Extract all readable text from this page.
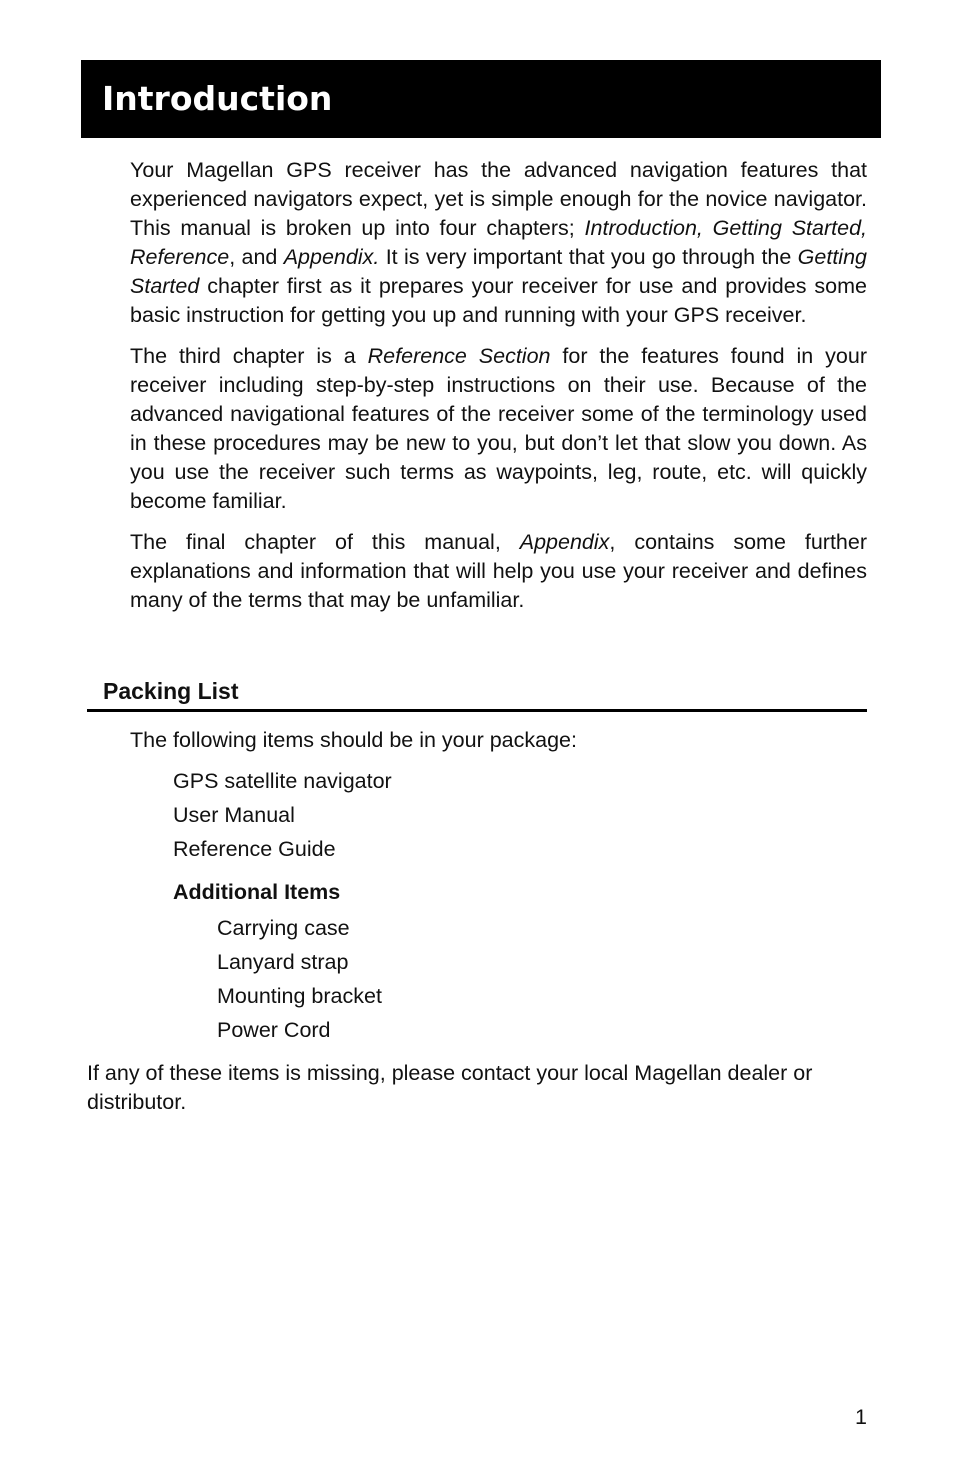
Introduction

Your Magellan GPS receiver has the advanced navigation features that experienced navigators expect, yet is simple enough for the novice navigator. This manual is broken up into four chapters; Introduction, Getting Started, Reference, and Appendix. It is very important that you go through the Getting Started chapter first as it prepares your receiver for use and provides some basic instruction for getting you up and running with your GPS receiver.

The third chapter is a Reference Section for the features found in your receiver including step-by-step instructions on their use. Because of the advanced navigational features of the receiver some of the terminology used in these procedures may be new to you, but don’t let that slow you down. As you use the receiver such terms as waypoints, leg, route, etc. will quickly become familiar.

The final chapter of this manual, Appendix, contains some further explanations and information that will help you use your receiver and defines many of the terms that may be unfamiliar.

Packing List
The following items should be in your package:
GPS satellite navigator
User Manual
Reference Guide
Additional Items
Carrying case
Lanyard strap
Mounting bracket
Power Cord

If any of these items is missing, please contact your local Magellan dealer or distributor.

1
